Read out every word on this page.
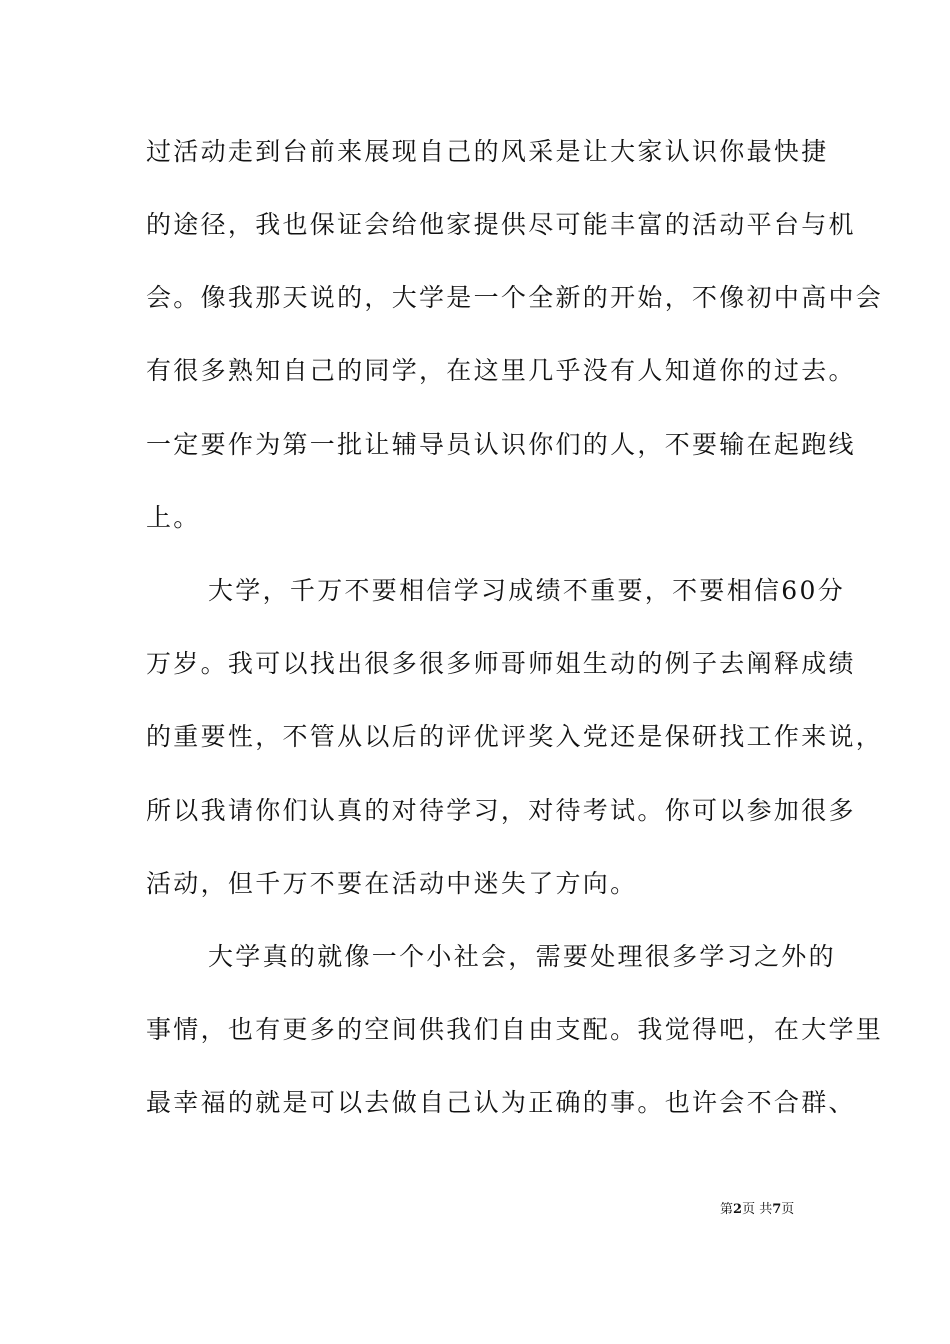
过活动走到台前来展现自己的风采是让大家认识你最快捷
的途径，我也保证会给他家提供尽可能丰富的活动平台与机
会。像我那天说的，大学是一个全新的开始，不像初中高中会
有很多熟知自己的同学，在这里几乎没有人知道你的过去。
一定要作为第一批让辅导员认识你们的人，不要输在起跑线
上。
大学，千万不要相信学习成绩不重要，不要相信60分
万岁。我可以找出很多很多师哥师姐生动的例子去阐释成绩
的重要性，不管从以后的评优评奖入党还是保研找工作来说，
所以我请你们认真的对待学习，对待考试。你可以参加很多
活动，但千万不要在活动中迷失了方向。
大学真的就像一个小社会，需要处理很多学习之外的
事情，也有更多的空间供我们自由支配。我觉得吧，在大学里
最幸福的就是可以去做自己认为正确的事。也许会不合群、
第2页 共7页
